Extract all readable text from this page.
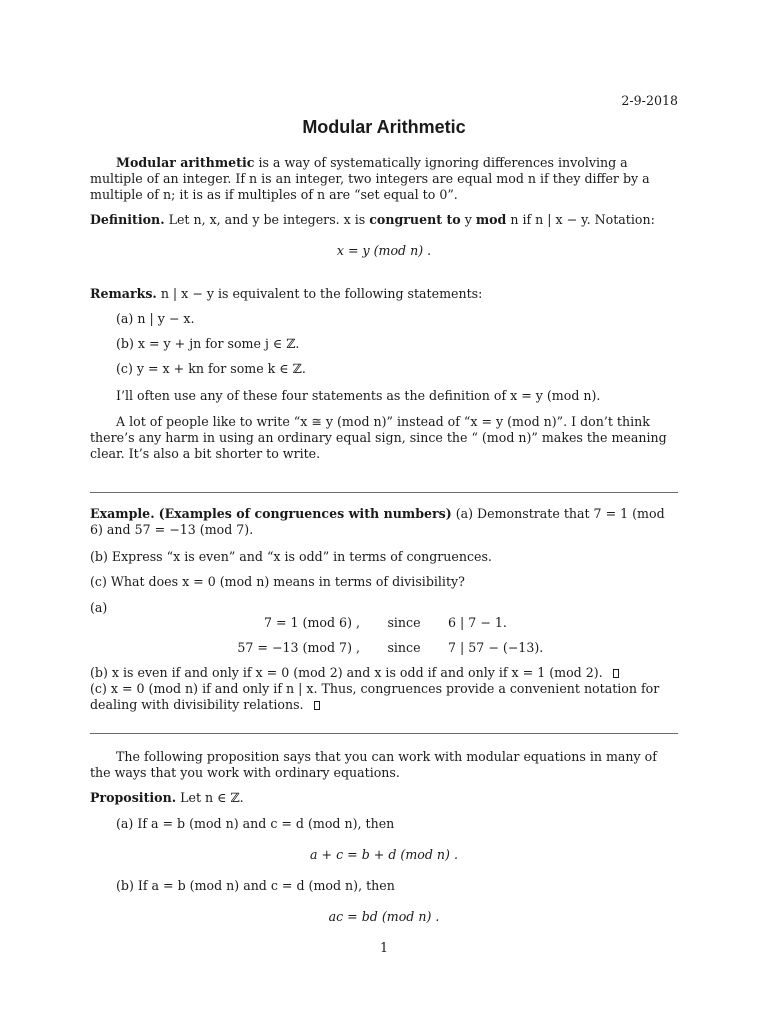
2-9-2018

Modular Arithmetic

Modular arithmetic is a way of systematically ignoring differences involving a multiple of an integer. If n is an integer, two integers are equal mod n if they differ by a multiple of n; it is as if multiples of n are “set equal to 0”.

Definition. Let n, x, and y be integers. x is congruent to y mod n if n | x − y. Notation:

x = y (mod n) .

Remarks. n | x − y is equivalent to the following statements:

(a) n | y − x.

(b) x = y + jn for some j ∈ ℤ.

(c) y = x + kn for some k ∈ ℤ.

I’ll often use any of these four statements as the definition of x = y (mod n).

A lot of people like to write “x ≅ y (mod n)” instead of “x = y (mod n)”. I don’t think there’s any harm in using an ordinary equal sign, since the “ (mod n)” makes the meaning clear. It’s also a bit shorter to write.

Example. (Examples of congruences with numbers) (a) Demonstrate that 7 = 1 (mod 6) and 57 = −13 (mod 7).

(b) Express “x is even” and “x is odd” in terms of congruences.

(c) What does x = 0 (mod n) means in terms of divisibility?

(a)

7 = 1 (mod 6) , since 6 | 7 − 1.
57 = −13 (mod 7) , since 7 | 57 − (−13).

(b) x is even if and only if x = 0 (mod 2) and x is odd if and only if x = 1 (mod 2).

(c) x = 0 (mod n) if and only if n | x. Thus, congruences provide a convenient notation for dealing with divisibility relations.

The following proposition says that you can work with modular equations in many of the ways that you work with ordinary equations.

Proposition. Let n ∈ ℤ.

(a) If a = b (mod n) and c = d (mod n), then

a + c = b + d (mod n) .

(b) If a = b (mod n) and c = d (mod n), then

ac = bd (mod n) .

1
